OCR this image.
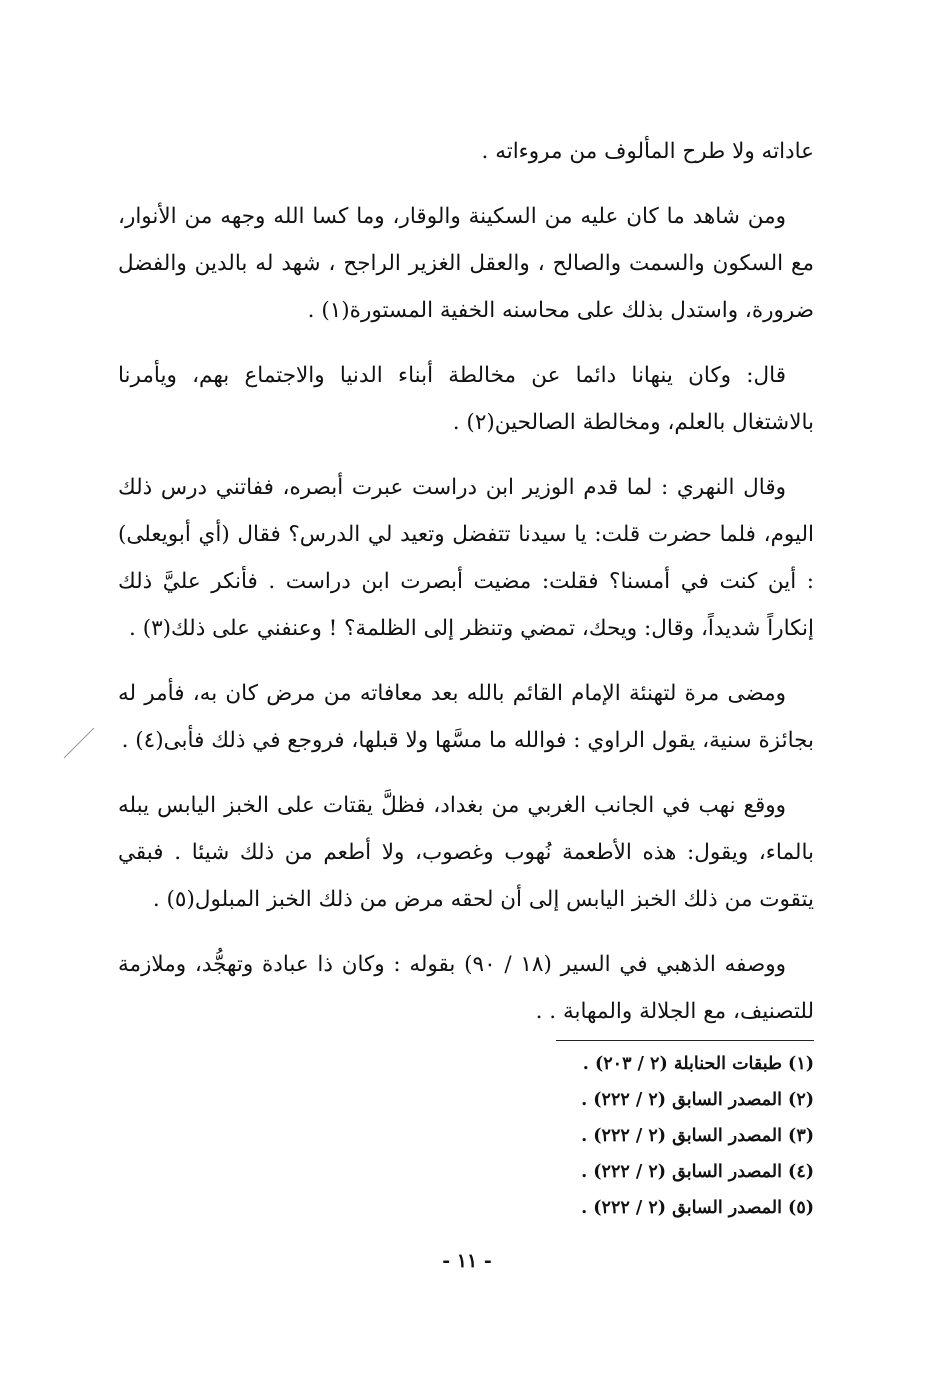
عاداته ولا طرح المألوف من مروءاته .

ومن شاهد ما كان عليه من السكينة والوقار، وما كسا الله وجهه من الأنوار، مع السكون والسمت والصالح ، والعقل الغزير الراجح ، شهد له بالدين والفضل ضرورة، واستدل بذلك على محاسنه الخفية المستورة(١) .

قال: وكان ينهانا دائما عن مخالطة أبناء الدنيا والاجتماع بهم، ويأمرنا بالاشتغال بالعلم، ومخالطة الصالحين(٢) .

وقال النهري : لما قدم الوزير ابن دراست عبرت أبصره، ففاتني درس ذلك اليوم، فلما حضرت قلت: يا سيدنا تتفضل وتعيد لي الدرس؟ فقال (أي أبويعلى) : أين كنت في أمسنا؟ فقلت: مضيت أبصرت ابن دراست . فأنكر عليَّ ذلك إنكاراً شديداً، وقال: ويحك، تمضي وتنظر إلى الظلمة؟ ! وعنفني على ذلك(٣) .

ومضى مرة لتهنئة الإمام القائم بالله بعد معافاته من مرض كان به، فأمر له بجائزة سنية، يقول الراوي : فوالله ما مسَّها ولا قبلها، فروجع في ذلك فأبى(٤) .

ووقع نهب في الجانب الغربي من بغداد، فظلَّ يقتات على الخبز اليابس يبله بالماء، ويقول: هذه الأطعمة نُهوب وغصوب، ولا أطعم من ذلك شيئا . فبقي يتقوت من ذلك الخبز اليابس إلى أن لحقه مرض من ذلك الخبز المبلول(٥) .

ووصفه الذهبي في السير (١٨ / ٩٠) بقوله : وكان ذا عبادة وتهجُّد، وملازمة للتصنيف، مع الجلالة والمهابة . .

(١) طبقات الحنابلة (٢ / ٢٠٣) .
(٢) المصدر السابق (٢ / ٢٢٢) .
(٣) المصدر السابق (٢ / ٢٢٢) .
(٤) المصدر السابق (٢ / ٢٢٢) .
(٥) المصدر السابق (٢ / ٢٢٢) .
- ١١ -
